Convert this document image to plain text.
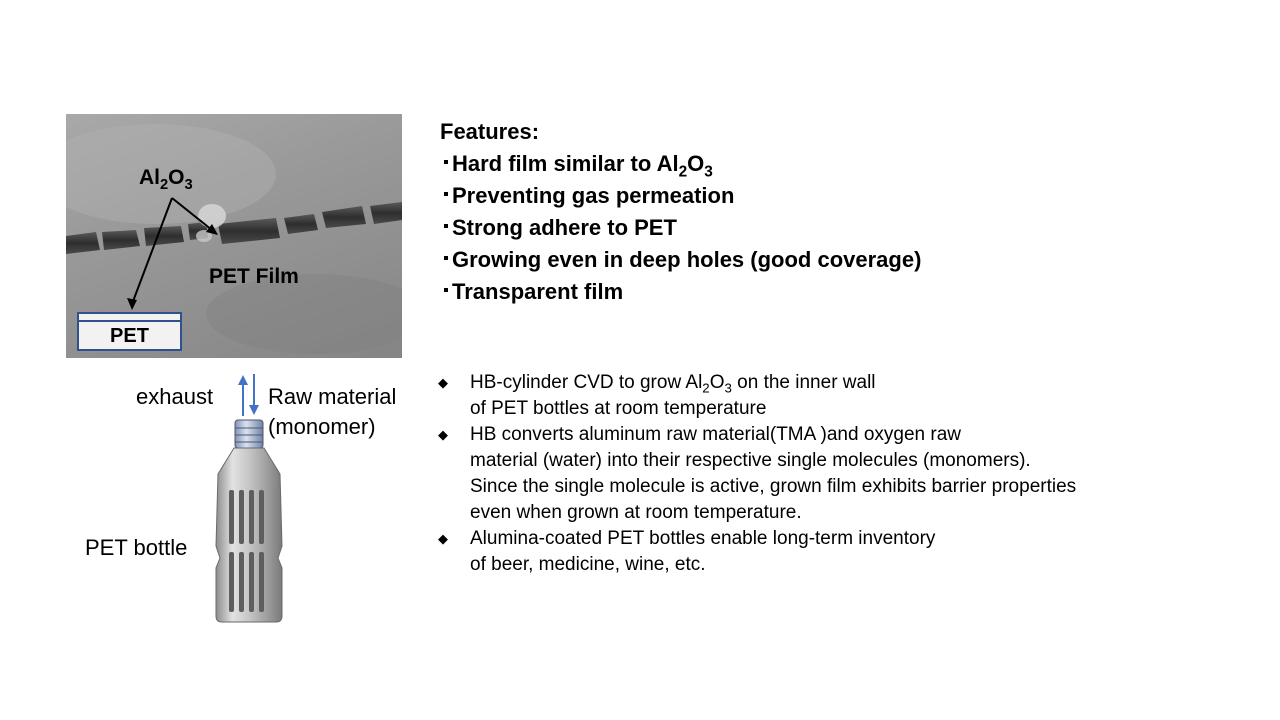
$Al_2O_3$
PET Film
PET
Features:
Hard film similar to $Al_2O_3$
Preventing gas permeation
Strong adhere to PET
Growing even in deep holes (good coverage)
Transparent film
exhaust Raw material
(monomer)
PET bottle
◆ HB-cylinder CVD to grow $Al_2O_3$ on the inner wall
of PET bottles at room temperature
◆ HB converts aluminum raw material(TMA )and oxygen raw
material (water) into their respective single molecules (monomers).
Since the single molecule is active, grown film exhibits barrier properties
even when grown at room temperature.
◆ Alumina-coated PET bottles enable long-term inventory
of beer, medicine, wine, etc.
